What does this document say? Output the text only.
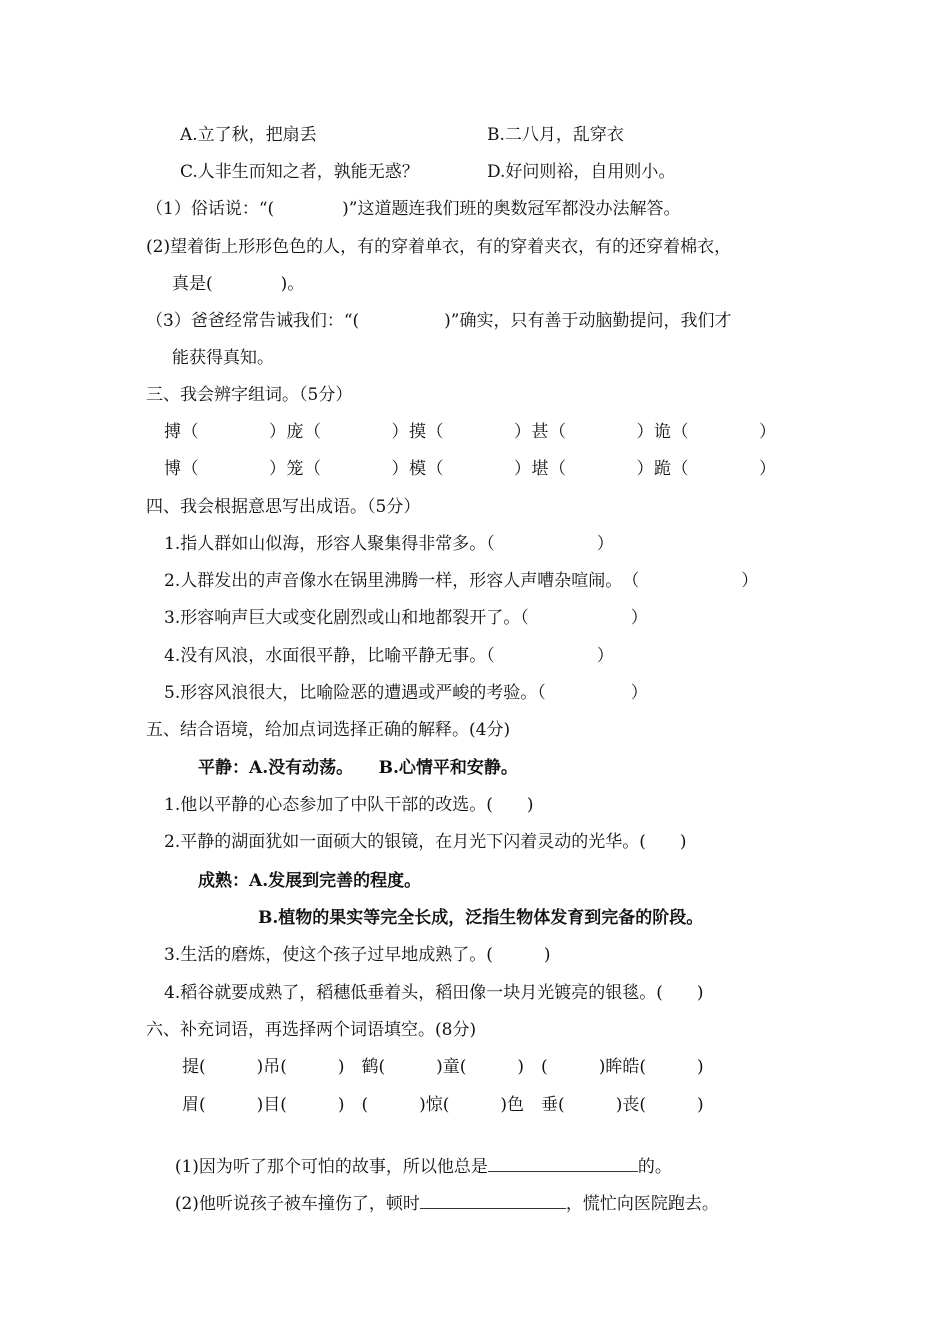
A.立了秋，把扇丢	B.二八月，乱穿衣
C.人非生而知之者，孰能无惑？	D.好问则裕，自用则小。
（1）俗话说：“(　　　　)”这道题连我们班的奥数冠军都没办法解答。
(2)望着街上形形色色的人，有的穿着单衣，有的穿着夹衣，有的还穿着棉衣，
真是(　　　　)。
（3）爸爸经常告诫我们：“(　　　　　)”确实，只有善于动脑勤提问，我们才
能获得真知。
三、我会辨字组词。（5分）
搏（　　　　）庞（　　　　）摸（　　　　）甚（　　　　）诡（　　　　）
博（　　　　）笼（　　　　）模（　　　　）堪（　　　　）跪（　　　　）
四、我会根据意思写出成语。（5分）
1.指人群如山似海，形容人聚集得非常多。（　　　　　　）
2.人群发出的声音像水在锅里沸腾一样，形容人声嘈杂喧闹。　（　　　　　　）
3.形容响声巨大或变化剧烈或山和地都裂开了。（　　　　　　）
4.没有风浪，水面很平静，比喻平静无事。（　　　　　　）
5.形容风浪很大，比喻险恶的遭遇或严峻的考验。（　　　　　）
五、结合语境，给加点词选择正确的解释。(4分)
平静：A.没有动荡。　　B.心情平和安静。
1.他以平静的心态参加了中队干部的改选。(　　)
2.平静的湖面犹如一面硕大的银镜，在月光下闪着灵动的光华。(　　)
成熟：A.发展到完善的程度。
B.植物的果实等完全长成，泛指生物体发育到完备的阶段。
3.生活的磨炼，使这个孩子过早地成熟了。(　　　)
4.稻谷就要成熟了，稻穗低垂着头，稻田像一块月光镀亮的银毯。(　　)
六、补充词语，再选择两个词语填空。(8分)
提(　　　)吊(　　　)　鹤(　　　)童(　　　)　(　　　)眸皓(　　　)
眉(　　　)目(　　　)　(　　　)惊(　　　)色　垂(　　　)丧(　　　)

(1)因为听了那个可怕的故事，所以他总是	的。

(2)他听说孩子被车撞伤了，顿时	，慌忙向医院跑去。
